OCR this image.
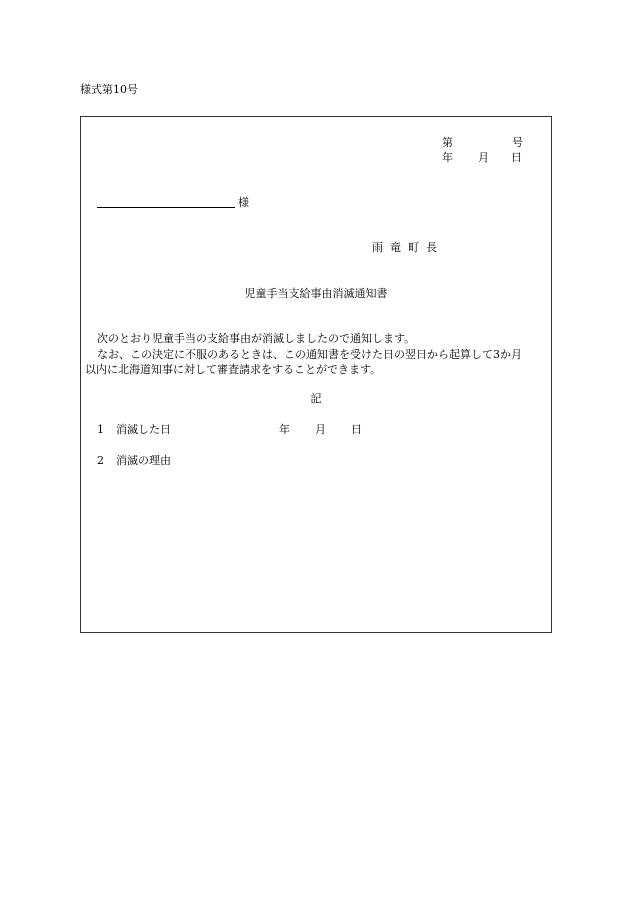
様式第10号
第	号
年 月 日
様
雨竜町長
児童手当支給事由消滅通知書
次のとおり児童手当の支給事由が消滅しましたので通知します。
なお、この決定に不服のあるときは、この通知書を受けた日の翌日から起算して3か月
以内に北海道知事に対して審査請求をすることができます。
記
1 消滅した日	年 月 日
2 消滅の理由
